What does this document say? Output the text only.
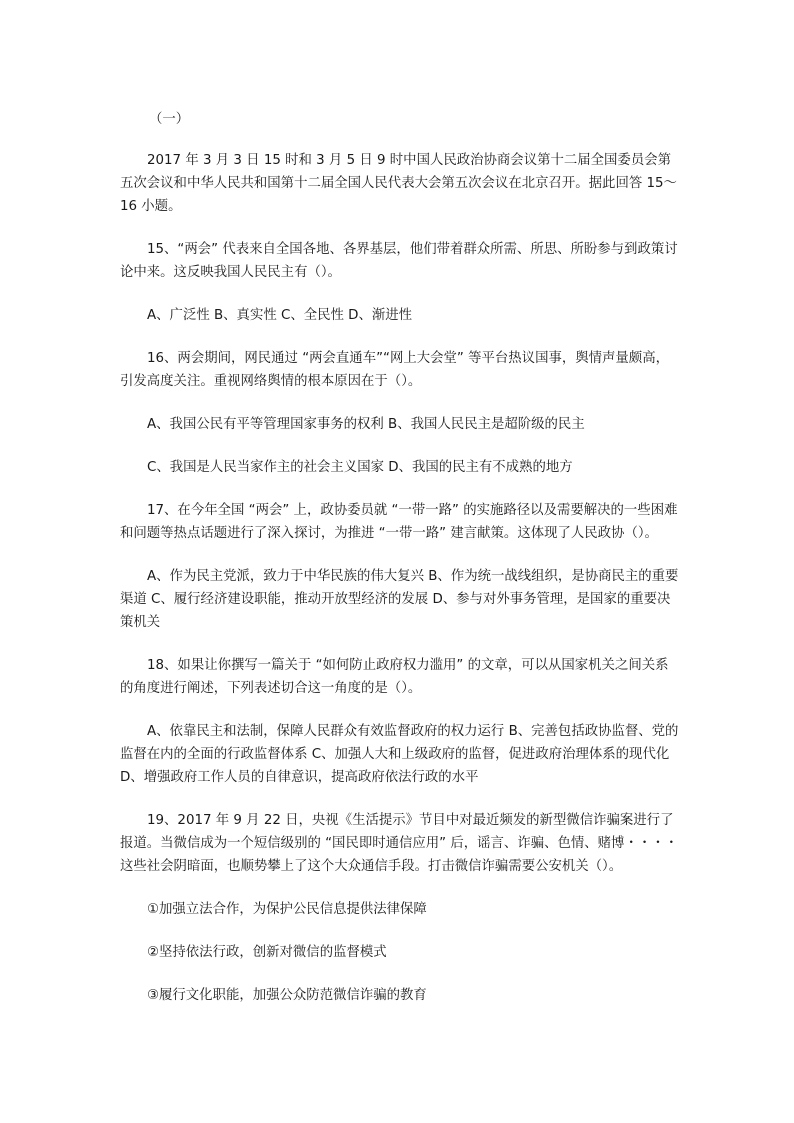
（一）

2017 年 3 月 3 日 15 时和 3 月 5 日 9 时中国人民政治协商会议第十二届全国委员会第五次会议和中华人民共和国第十二届全国人民代表大会第五次会议在北京召开。据此回答 15～16 小题。

15、“两会” 代表来自全国各地、各界基层，他们带着群众所需、所思、所盼参与到政策讨论中来。这反映我国人民民主有（）。

A、广泛性 B、真实性 C、全民性 D、渐进性

16、两会期间，网民通过 “两会直通车”“网上大会堂” 等平台热议国事，舆情声量颇高，引发高度关注。重视网络舆情的根本原因在于（）。

A、我国公民有平等管理国家事务的权利 B、我国人民民主是超阶级的民主

C、我国是人民当家作主的社会主义国家 D、我国的民主有不成熟的地方

17、在今年全国 “两会” 上，政协委员就 “一带一路” 的实施路径以及需要解决的一些困难和问题等热点话题进行了深入探讨，为推进 “一带一路” 建言献策。这体现了人民政协（）。

A、作为民主党派，致力于中华民族的伟大复兴 B、作为统一战线组织，是协商民主的重要渠道 C、履行经济建设职能，推动开放型经济的发展 D、参与对外事务管理，是国家的重要决策机关

18、如果让你撰写一篇关于 “如何防止政府权力滥用” 的文章，可以从国家机关之间关系的角度进行阐述，下列表述切合这一角度的是（）。

A、依靠民主和法制，保障人民群众有效监督政府的权力运行 B、完善包括政协监督、党的监督在内的全面的行政监督体系 C、加强人大和上级政府的监督，促进政府治理体系的现代化 D、增强政府工作人员的自律意识，提高政府依法行政的水平

19、2017 年 9 月 22 日，央视《生活提示》节目中对最近频发的新型微信诈骗案进行了报道。当微信成为一个短信级别的 “国民即时通信应用” 后，谣言、诈骗、色情、赌博・・・・这些社会阴暗面，也顺势攀上了这个大众通信手段。打击微信诈骗需要公安机关（）。

①加强立法合作，为保护公民信息提供法律保障

②坚持依法行政，创新对微信的监督模式

③履行文化职能，加强公众防范微信诈骗的教育
